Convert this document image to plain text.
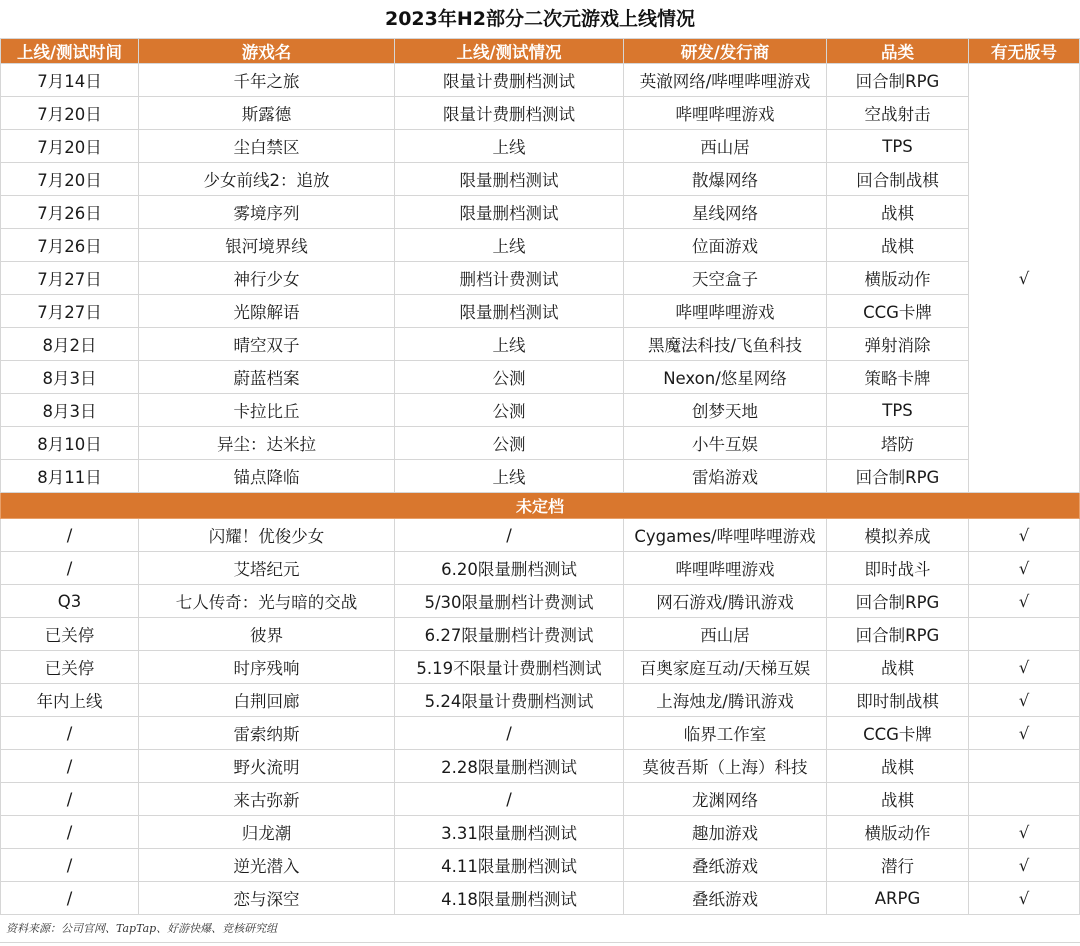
2023年H2部分二次元游戏上线情况
上线/测试时间	游戏名	上线/测试情况	研发/发行商	品类	有无版号
7月14日	千年之旅	限量计费删档测试	英澈网络/哔哩哔哩游戏	回合制RPG	√
7月20日	斯露德	限量计费删档测试	哔哩哔哩游戏	空战射击	
7月20日	尘白禁区	上线	西山居	TPS	
7月20日	少女前线2：追放	限量删档测试	散爆网络	回合制战棋	
7月26日	雾境序列	限量删档测试	星线网络	战棋	
7月26日	银河境界线	上线	位面游戏	战棋	
7月27日	神行少女	删档计费测试	天空盒子	横版动作	
7月27日	光隙解语	限量删档测试	哔哩哔哩游戏	CCG卡牌	
8月2日	晴空双子	上线	黑魔法科技/飞鱼科技	弹射消除	
8月3日	蔚蓝档案	公测	Nexon/悠星网络	策略卡牌	
8月3日	卡拉比丘	公测	创梦天地	TPS	
8月10日	异尘：达米拉	公测	小牛互娱	塔防	
8月11日	锚点降临	上线	雷焰游戏	回合制RPG	
未定档					
/	闪耀！优俊少女	/	Cygames/哔哩哔哩游戏	模拟养成	√
/	艾塔纪元	6.20限量删档测试	哔哩哔哩游戏	即时战斗	√
Q3	七人传奇：光与暗的交战	5/30限量删档计费测试	网石游戏/腾讯游戏	回合制RPG	√
已关停	彼界	6.27限量删档计费测试	西山居	回合制RPG	
已关停	时序残响	5.19不限量计费删档测试	百奥家庭互动/天梯互娱	战棋	√
年内上线	白荆回廊	5.24限量计费删档测试	上海烛龙/腾讯游戏	即时制战棋	√
/	雷索纳斯	/	临界工作室	CCG卡牌	√
/	野火流明	2.28限量删档测试	莫彼吾斯（上海）科技	战棋	
/	来古弥新	/	龙渊网络	战棋	
/	归龙潮	3.31限量删档测试	趣加游戏	横版动作	√
/	逆光潜入	4.11限量删档测试	叠纸游戏	潜行	√
/	恋与深空	4.18限量删档测试	叠纸游戏	ARPG	√
资料来源：公司官网、TapTap、好游快爆、竞核研究组
